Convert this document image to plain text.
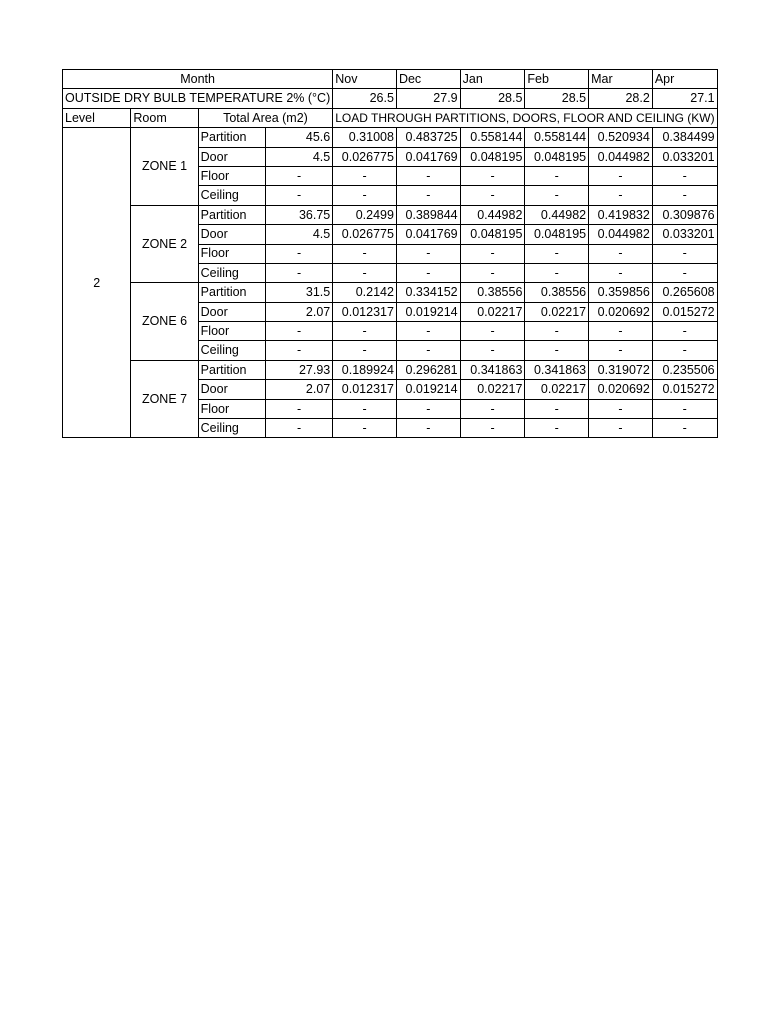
Month				Nov	Dec	Jan	Feb	Mar	Apr
OUTSIDE DRY BULB TEMPERATURE 2% (°C)				26.5	27.9	28.5	28.5	28.2	27.1
Level	Room	Total Area (m2)		LOAD THROUGH PARTITIONS, DOORS, FLOOR AND CEILING (KW)					
2	ZONE 1	Partition	45.6	0.31008	0.483725	0.558144	0.558144	0.520934	0.384499
		Door	4.5	0.026775	0.041769	0.048195	0.048195	0.044982	0.033201
		Floor	-	-	-	-	-	-	-
		Ceiling	-	-	-	-	-	-	-
	ZONE 2	Partition	36.75	0.2499	0.389844	0.44982	0.44982	0.419832	0.309876
		Door	4.5	0.026775	0.041769	0.048195	0.048195	0.044982	0.033201
		Floor	-	-	-	-	-	-	-
		Ceiling	-	-	-	-	-	-	-
	ZONE 6	Partition	31.5	0.2142	0.334152	0.38556	0.38556	0.359856	0.265608
		Door	2.07	0.012317	0.019214	0.02217	0.02217	0.020692	0.015272
		Floor	-	-	-	-	-	-	-
		Ceiling	-	-	-	-	-	-	-
	ZONE 7	Partition	27.93	0.189924	0.296281	0.341863	0.341863	0.319072	0.235506
		Door	2.07	0.012317	0.019214	0.02217	0.02217	0.020692	0.015272
		Floor	-	-	-	-	-	-	-
		Ceiling	-	-	-	-	-	-	-
